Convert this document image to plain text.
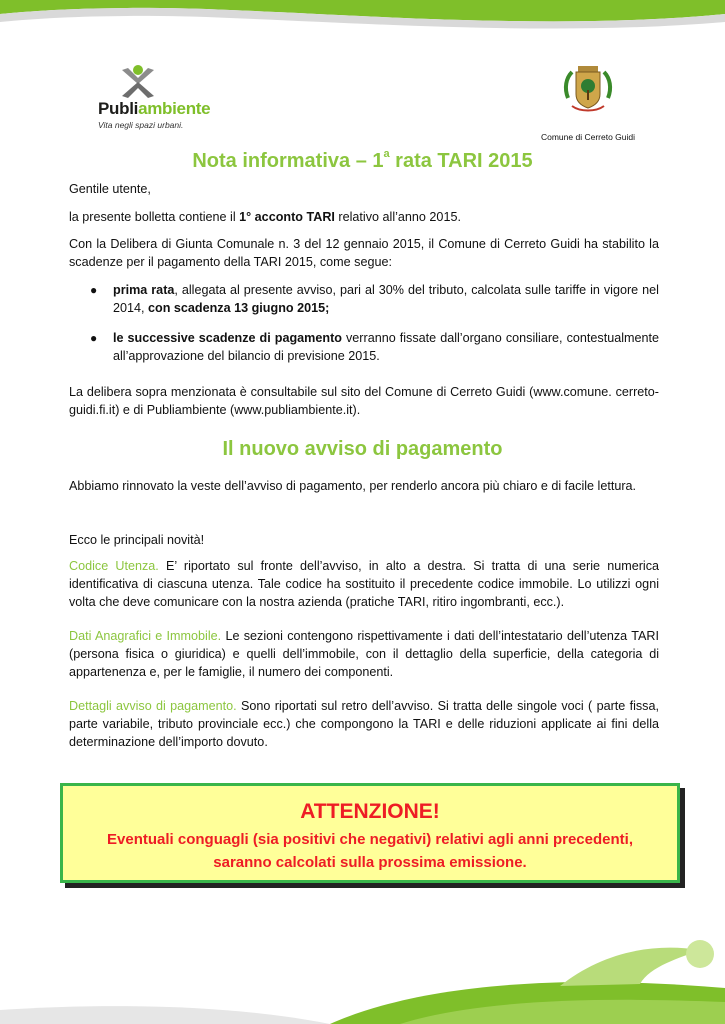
Publiambiente
Vita negli spazi urbani.
Comune di Cerreto Guidi
Nota informativa – 1$^a$ rata TARI 2015

Gentile utente,

la presente bolletta contiene il 1° acconto TARI relativo all’anno 2015.

Con la Delibera di Giunta Comunale n. 3 del 12 gennaio 2015, il Comune di Cerreto Guidi ha stabilito la scadenze per il pagamento della TARI 2015, come segue:

● prima rata, allegata al presente avviso, pari al 30% del tributo, calcolata sulle tariffe in vigore nel 2014, con scadenza 13 giugno 2015;

● le successive scadenze di pagamento verranno fissate dall’organo consiliare, contestualmente all’approvazione del bilancio di previsione 2015.

La delibera sopra menzionata è consultabile sul sito del Comune di Cerreto Guidi (www.comune. cerreto-guidi.fi.it) e di Publiambiente (www.publiambiente.it).

Il nuovo avviso di pagamento

Abbiamo rinnovato la veste dell’avviso di pagamento, per renderlo ancora più chiaro e di facile lettura.

Ecco le principali novità!

Codice Utenza. E’ riportato sul fronte dell’avviso, in alto a destra. Si tratta di una serie numerica identificativa di ciascuna utenza. Tale codice ha sostituito il precedente codice immobile. Lo utilizzi ogni volta che deve comunicare con la nostra azienda (pratiche TARI, ritiro ingombranti, ecc.).

Dati Anagrafici e Immobile. Le sezioni contengono rispettivamente i dati dell’intestatario dell’utenza TARI (persona fisica o giuridica) e quelli dell’immobile, con il dettaglio della superficie, della categoria di appartenenza e, per le famiglie, il numero dei componenti.

Dettagli avviso di pagamento. Sono riportati sul retro dell’avviso. Si tratta delle singole voci ( parte fissa, parte variabile, tributo provinciale ecc.) che compongono la TARI e delle riduzioni applicate ai fini della determinazione dell’importo dovuto.

ATTENZIONE!
Eventuali conguagli (sia positivi che negativi) relativi agli anni precedenti,
saranno calcolati sulla prossima emissione.
